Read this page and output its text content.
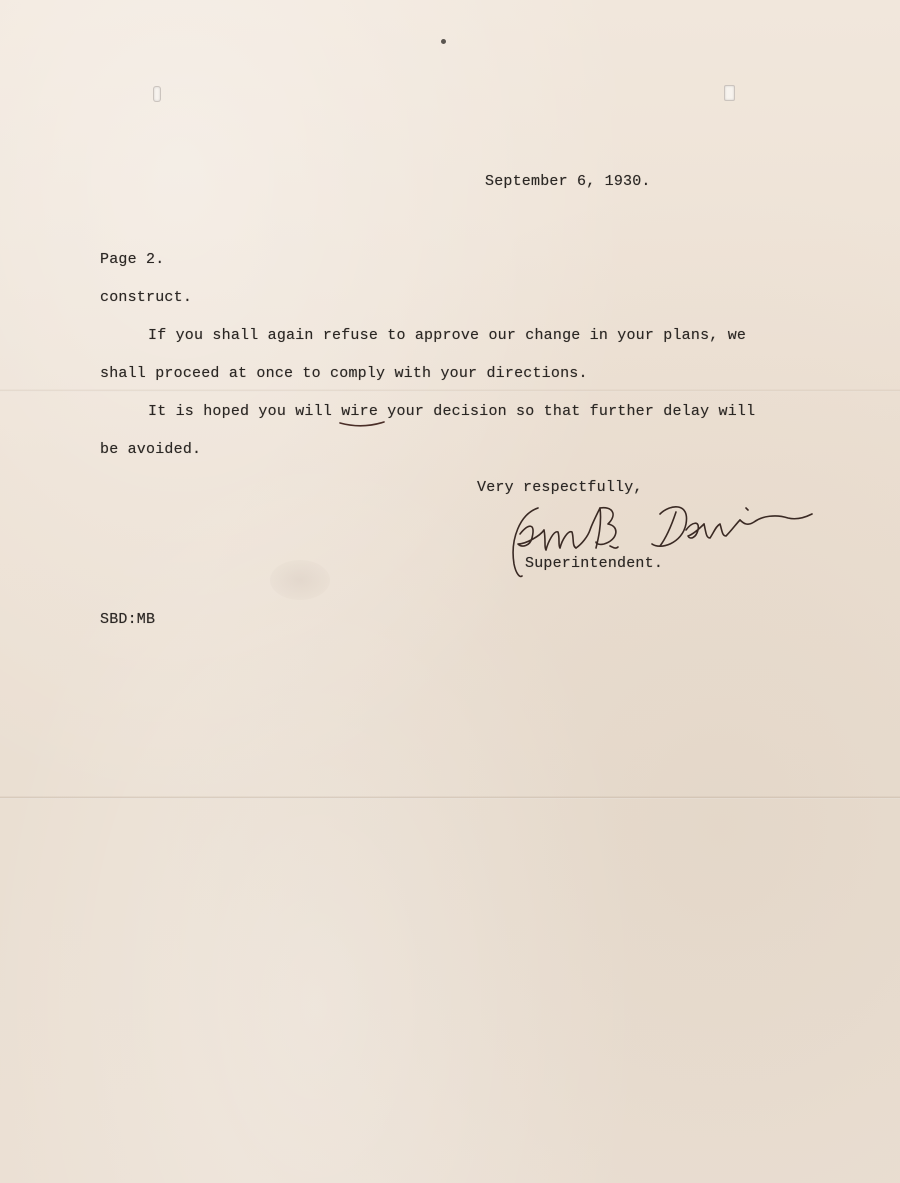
September 6, 1930.
Page 2.
construct.
If you shall again refuse to approve our change in your plans, we
shall proceed at once to comply with your directions.
It is hoped you will wire your decision so that further delay will
be avoided.
Very respectfully,
Superintendent.
SBD:MB
